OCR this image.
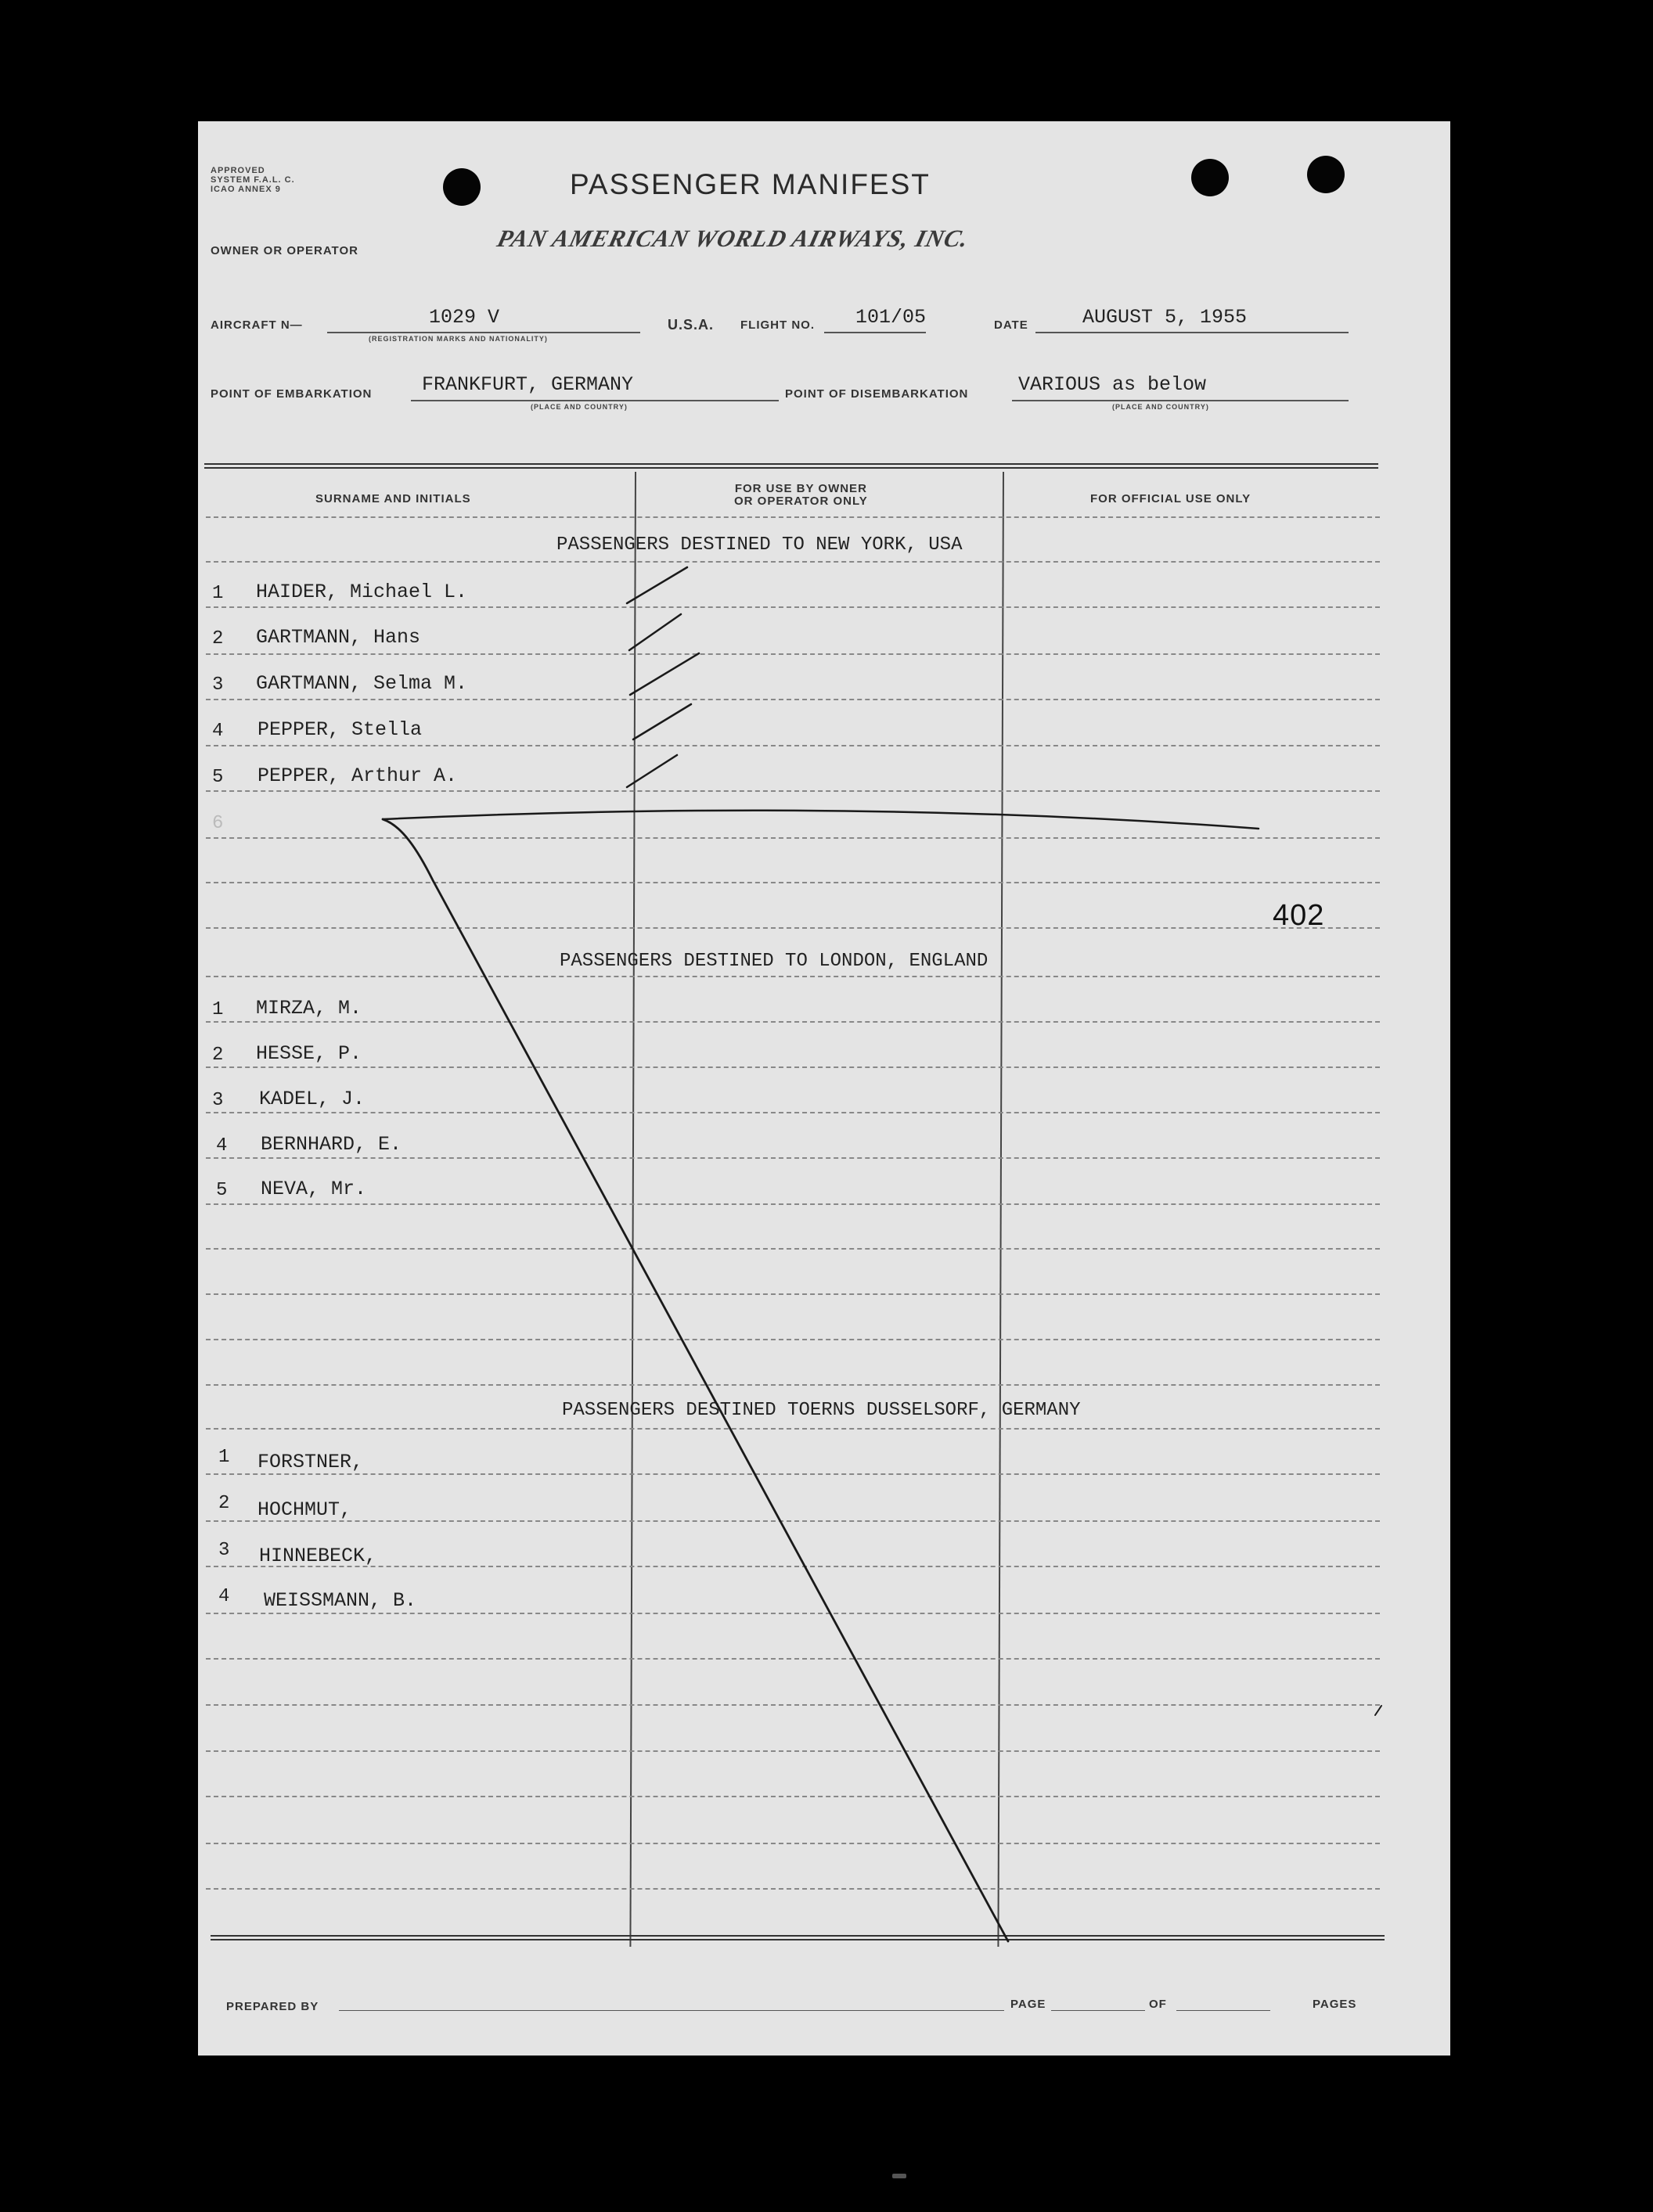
APPROVED
SYSTEM F.A.L. C.
ICAO ANNEX 9	PASSENGER MANIFEST
PAN AMERICAN WORLD AIRWAYS, INC.
OWNER OR OPERATOR
AIRCRAFT N—	1029 V
(REGISTRATION MARKS AND NATIONALITY)
U.S.A. FLIGHT NO. 101/05	DATE	AUGUST 5, 1955
POINT OF EMBARKATION	FRANKFURT, GERMANY
(PLACE AND COUNTRY)
POINT OF DISEMBARKATION	VARIOUS as below
(PLACE AND COUNTRY)
SURNAME AND INITIALS
FOR USE BY OWNER
OR OPERATOR ONLY	FOR OFFICIAL USE ONLY
PASSENGERS DESTINED TO NEW YORK, USA
1 HAIDER, Michael L.
2 GARTMANN, Hans
3 GARTMANN, Selma M.
4 PEPPER, Stella
5 PEPPER, Arthur A.
6
402
PASSENGERS DESTINED TO LONDON, ENGLAND
1 MIRZA, M.
2 HESSE, P.
3 KADEL, J.
4 BERNHARD, E.
5 NEVA, Mr.
PASSENGERS DESTINED TOERNS DUSSELSORF, GERMANY
1 FORSTNER,
2 HOCHMUT,
3 HINNEBECK,
4 WEISSMANN, B.
PREPARED BY	PAGE	OF	PAGES
